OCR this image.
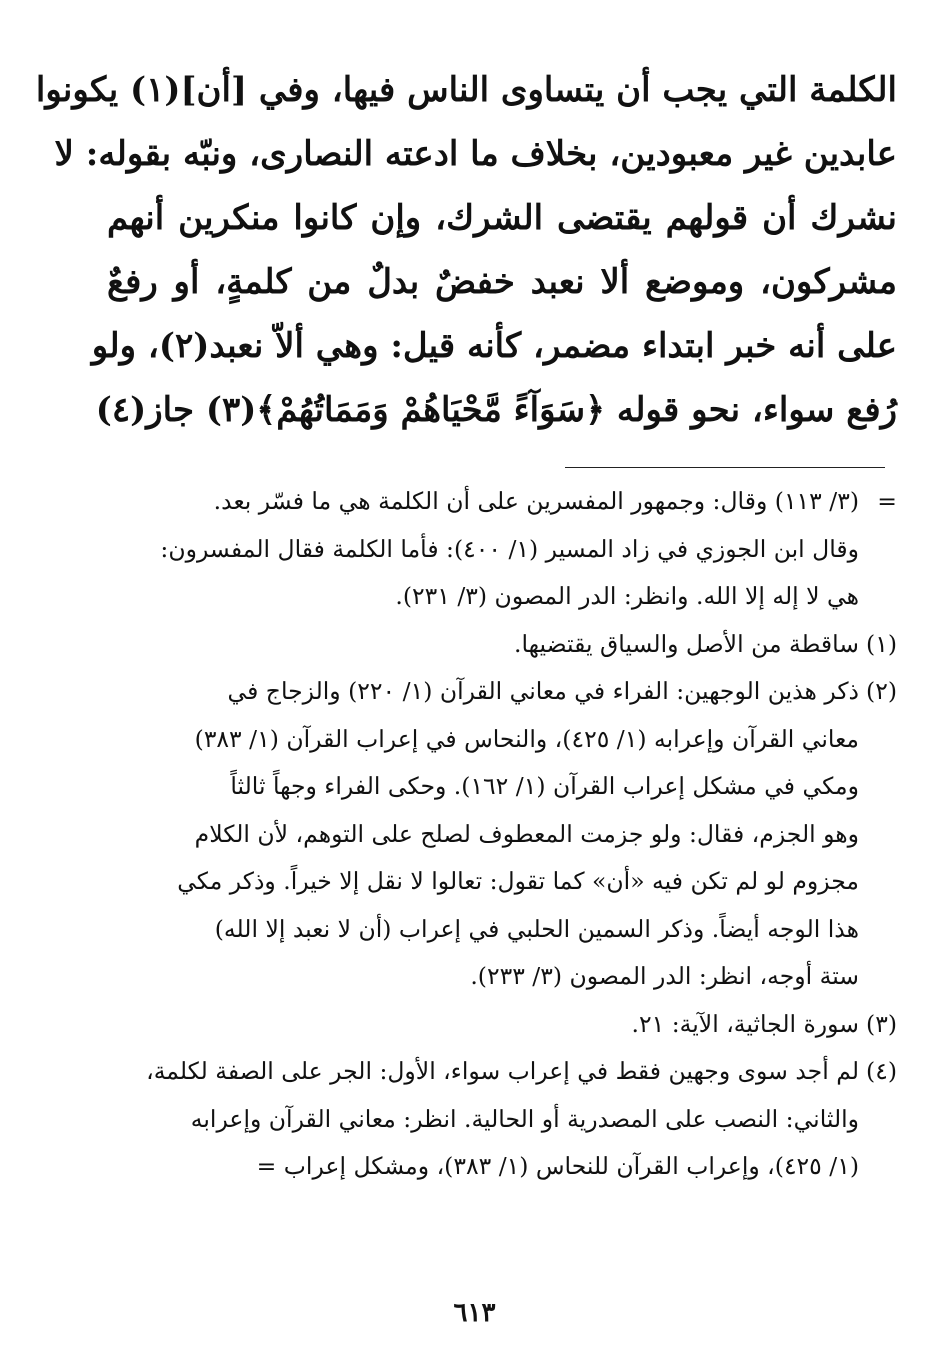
الكلمة التي يجب أن يتساوى الناس فيها، وفي [أن](١) يكونوا
عابدين غير معبودين، بخلاف ما ادعته النصارى، ونبّه بقوله: لا
نشرك أن قولهم يقتضى الشرك، وإن كانوا منكرين أنهم
مشركون، وموضع ألا نعبد خفضٌ بدلٌ من كلمةٍ، أو رفعٌ
على أنه خبر ابتداء مضمر، كأنه قيل: وهي ألاّ نعبد(٢)، ولو
رُفع سواء، نحو قوله ﴿سَوَآءً مَّحْيَاهُمْ وَمَمَاتُهُمْ﴾(٣) جاز(٤)
=(٣/ ١١٣) وقال: وجمهور المفسرين على أن الكلمة هي ما فسّر بعد.
وقال ابن الجوزي في زاد المسير (١/ ٤٠٠): فأما الكلمة فقال المفسرون:
هي لا إله إلا الله. وانظر: الدر المصون (٣/ ٢٣١).
(١)ساقطة من الأصل والسياق يقتضيها.
(٢)ذكر هذين الوجهين: الفراء في معاني القرآن (١/ ٢٢٠) والزجاج في
معاني القرآن وإعرابه (١/ ٤٢٥)، والنحاس في إعراب القرآن (١/ ٣٨٣)
ومكي في مشكل إعراب القرآن (١/ ١٦٢). وحكى الفراء وجهاً ثالثاً
وهو الجزم، فقال: ولو جزمت المعطوف لصلح على التوهم، لأن الكلام
مجزوم لو لم تكن فيه «أن» كما تقول: تعالوا لا نقل إلا خيراً. وذكر مكي
هذا الوجه أيضاً. وذكر السمين الحلبي في إعراب (أن لا نعبد إلا الله)
ستة أوجه، انظر: الدر المصون (٣/ ٢٣٣).
(٣)سورة الجاثية، الآية: ٢١.
(٤)لم أجد سوى وجهين فقط في إعراب سواء، الأول: الجر على الصفة لكلمة،
والثاني: النصب على المصدرية أو الحالية. انظر: معاني القرآن وإعرابه
(١/ ٤٢٥)، وإعراب القرآن للنحاس (١/ ٣٨٣)، ومشكل إعراب =
٦١٣
